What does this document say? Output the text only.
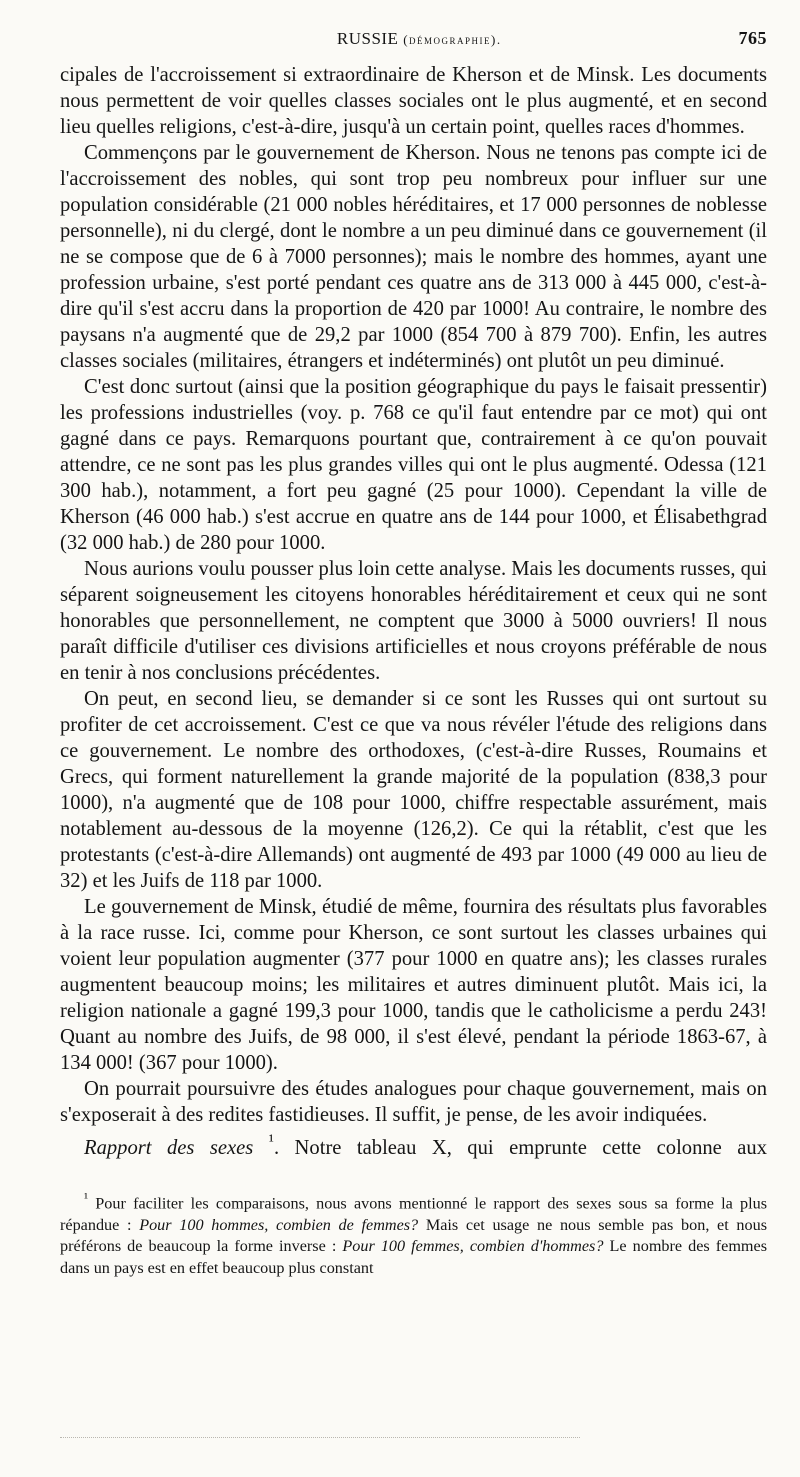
RUSSIE (démographie).	765

cipales de l'accroissement si extraordinaire de Kherson et de Minsk. Les documents nous permettent de voir quelles classes sociales ont le plus augmenté, et en second lieu quelles religions, c'est-à-dire, jusqu'à un certain point, quelles races d'hommes.

Commençons par le gouvernement de Kherson. Nous ne tenons pas compte ici de l'accroissement des nobles, qui sont trop peu nombreux pour influer sur une population considérable (21 000 nobles héréditaires, et 17 000 personnes de noblesse personnelle), ni du clergé, dont le nombre a un peu diminué dans ce gouvernement (il ne se compose que de 6 à 7000 personnes); mais le nombre des hommes, ayant une profession urbaine, s'est porté pendant ces quatre ans de 313 000 à 445 000, c'est-à-dire qu'il s'est accru dans la proportion de 420 par 1000! Au contraire, le nombre des paysans n'a augmenté que de 29,2 par 1000 (854 700 à 879 700). Enfin, les autres classes sociales (militaires, étrangers et indéterminés) ont plutôt un peu diminué.

C'est donc surtout (ainsi que la position géographique du pays le faisait pressentir) les professions industrielles (voy. p. 768 ce qu'il faut entendre par ce mot) qui ont gagné dans ce pays. Remarquons pourtant que, contrairement à ce qu'on pouvait attendre, ce ne sont pas les plus grandes villes qui ont le plus augmenté. Odessa (121 300 hab.), notamment, a fort peu gagné (25 pour 1000). Cependant la ville de Kherson (46 000 hab.) s'est accrue en quatre ans de 144 pour 1000, et Élisabethgrad (32 000 hab.) de 280 pour 1000.

Nous aurions voulu pousser plus loin cette analyse. Mais les documents russes, qui séparent soigneusement les citoyens honorables héréditairement et ceux qui ne sont honorables que personnellement, ne comptent que 3000 à 5000 ouvriers! Il nous paraît difficile d'utiliser ces divisions artificielles et nous croyons préférable de nous en tenir à nos conclusions précédentes.

On peut, en second lieu, se demander si ce sont les Russes qui ont surtout su profiter de cet accroissement. C'est ce que va nous révéler l'étude des religions dans ce gouvernement. Le nombre des orthodoxes, (c'est-à-dire Russes, Roumains et Grecs, qui forment naturellement la grande majorité de la population (838,3 pour 1000), n'a augmenté que de 108 pour 1000, chiffre respectable assurément, mais notablement au-dessous de la moyenne (126,2). Ce qui la rétablit, c'est que les protestants (c'est-à-dire Allemands) ont augmenté de 493 par 1000 (49 000 au lieu de 32) et les Juifs de 118 par 1000.

Le gouvernement de Minsk, étudié de même, fournira des résultats plus favorables à la race russe. Ici, comme pour Kherson, ce sont surtout les classes urbaines qui voient leur population augmenter (377 pour 1000 en quatre ans); les classes rurales augmentent beaucoup moins; les militaires et autres diminuent plutôt. Mais ici, la religion nationale a gagné 199,3 pour 1000, tandis que le catholicisme a perdu 243! Quant au nombre des Juifs, de 98 000, il s'est élevé, pendant la période 1863-67, à 134 000! (367 pour 1000).

On pourrait poursuivre des études analogues pour chaque gouvernement, mais on s'exposerait à des redites fastidieuses. Il suffit, je pense, de les avoir indiquées.

Rapport des sexes $^{^1}$. Notre tableau X, qui emprunte cette colonne aux

$^{^1}$ Pour faciliter les comparaisons, nous avons mentionné le rapport des sexes sous sa forme la plus répandue : Pour 100 hommes, combien de femmes? Mais cet usage ne nous semble pas bon, et nous préférons de beaucoup la forme inverse : Pour 100 femmes, combien d'hommes? Le nombre des femmes dans un pays est en effet beaucoup plus constant
